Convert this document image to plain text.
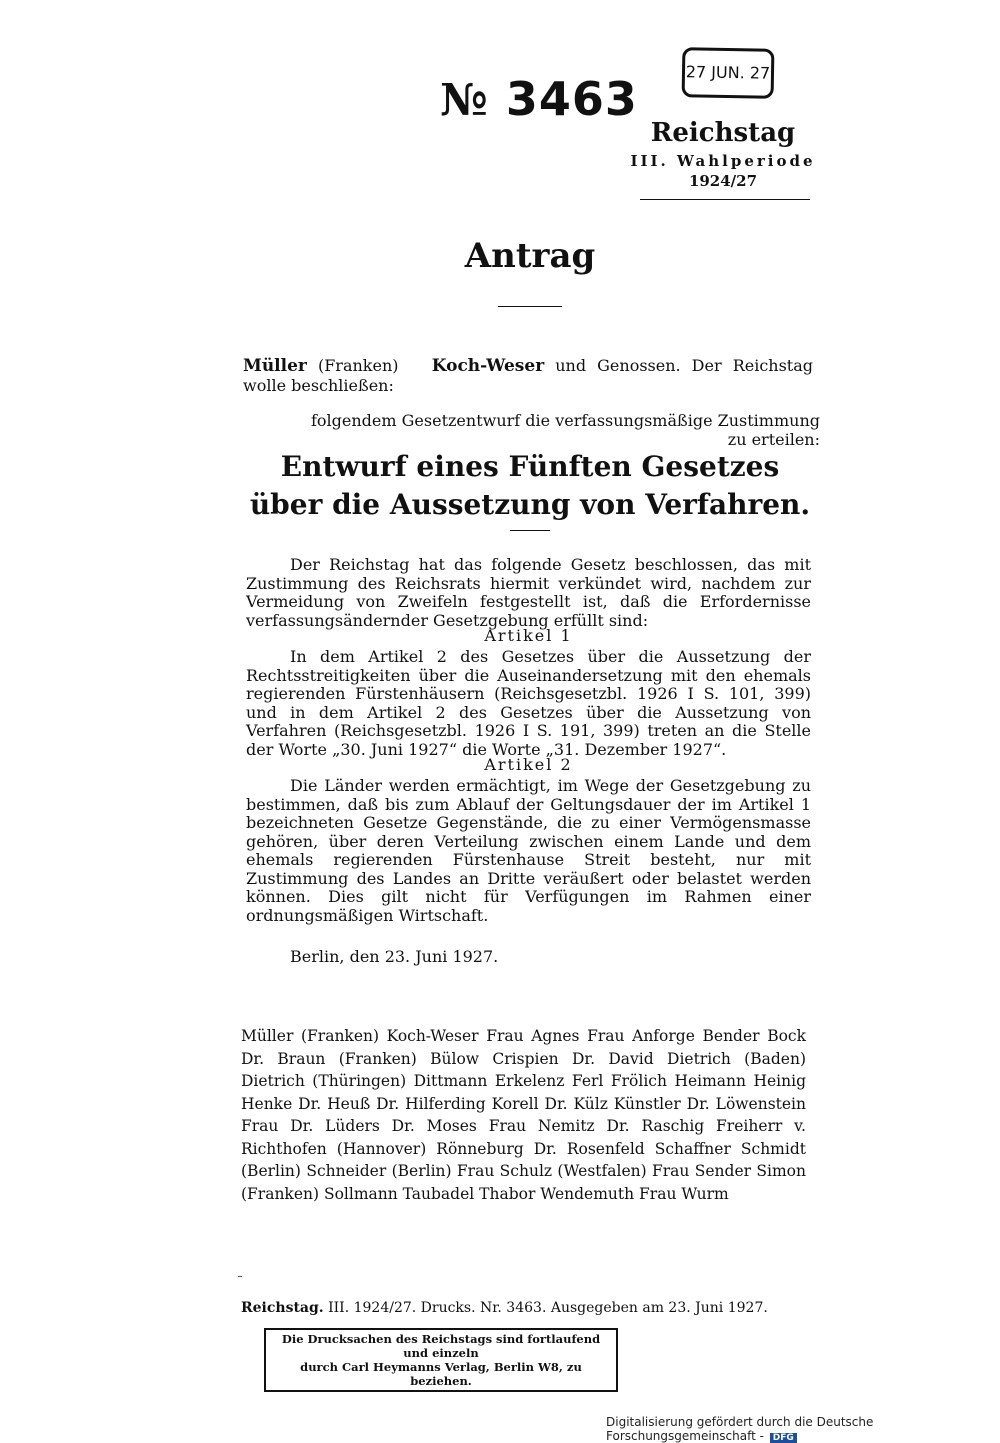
№ 3463	27 JUN. 27
Reichstag
III. Wahlperiode
1924/27
Antrag
Müller (Franken) Koch-Weser und Genossen. Der Reichstag wolle beschließen:
folgendem Gesetzentwurf die verfassungsmäßige Zustimmung zu erteilen:
Entwurf eines Fünften Gesetzes
über die Aussetzung von Verfahren.
Der Reichstag hat das folgende Gesetz beschlossen, das mit Zustimmung des Reichsrats hiermit verkündet wird, nachdem zur Vermeidung von Zweifeln festgestellt ist, daß die Erfordernisse verfassungsändernder Gesetzgebung erfüllt sind:
Artikel 1
In dem Artikel 2 des Gesetzes über die Aussetzung der Rechtsstreitigkeiten über die Auseinandersetzung mit den ehemals regierenden Fürstenhäusern (Reichsgesetzbl. 1926 I S. 101, 399) und in dem Artikel 2 des Gesetzes über die Aussetzung von Verfahren (Reichsgesetzbl. 1926 I S. 191, 399) treten an die Stelle der Worte „30. Juni 1927“ die Worte „31. Dezember 1927“.
Artikel 2
Die Länder werden ermächtigt, im Wege der Gesetzgebung zu bestimmen, daß bis zum Ablauf der Geltungsdauer der im Artikel 1 bezeichneten Gesetze Gegenstände, die zu einer Vermögensmasse gehören, über deren Verteilung zwischen einem Lande und dem ehemals regierenden Fürstenhause Streit besteht, nur mit Zustimmung des Landes an Dritte veräußert oder belastet werden können. Dies gilt nicht für Verfügungen im Rahmen einer ordnungsmäßigen Wirtschaft.
Berlin, den 23. Juni 1927.
Müller (Franken) Koch-Weser Frau Agnes Frau Anforge Bender Bock Dr. Braun (Franken) Bülow Crispien Dr. David Dietrich (Baden) Dietrich (Thüringen) Dittmann Erkelenz Ferl Frölich Heimann Heinig Henke Dr. Heuß Dr. Hilferding Korell Dr. Külz Künstler Dr. Löwenstein Frau Dr. Lüders Dr. Moses Frau Nemitz Dr. Raschig Freiherr v. Richthofen (Hannover) Rönneburg Dr. Rosenfeld Schaffner Schmidt (Berlin) Schneider (Berlin) Frau Schulz (Westfalen) Frau Sender Simon (Franken) Sollmann Taubadel Thabor Wendemuth Frau Wurm
Reichstag. III. 1924/27. Drucks. Nr. 3463. Ausgegeben am 23. Juni 1927.
Die Drucksachen des Reichstags sind fortlaufend und einzeln
durch Carl Heymanns Verlag, Berlin W8, zu beziehen.
Digitalisierung gefördert durch die Deutsche Forschungsgemeinschaft - DFG
